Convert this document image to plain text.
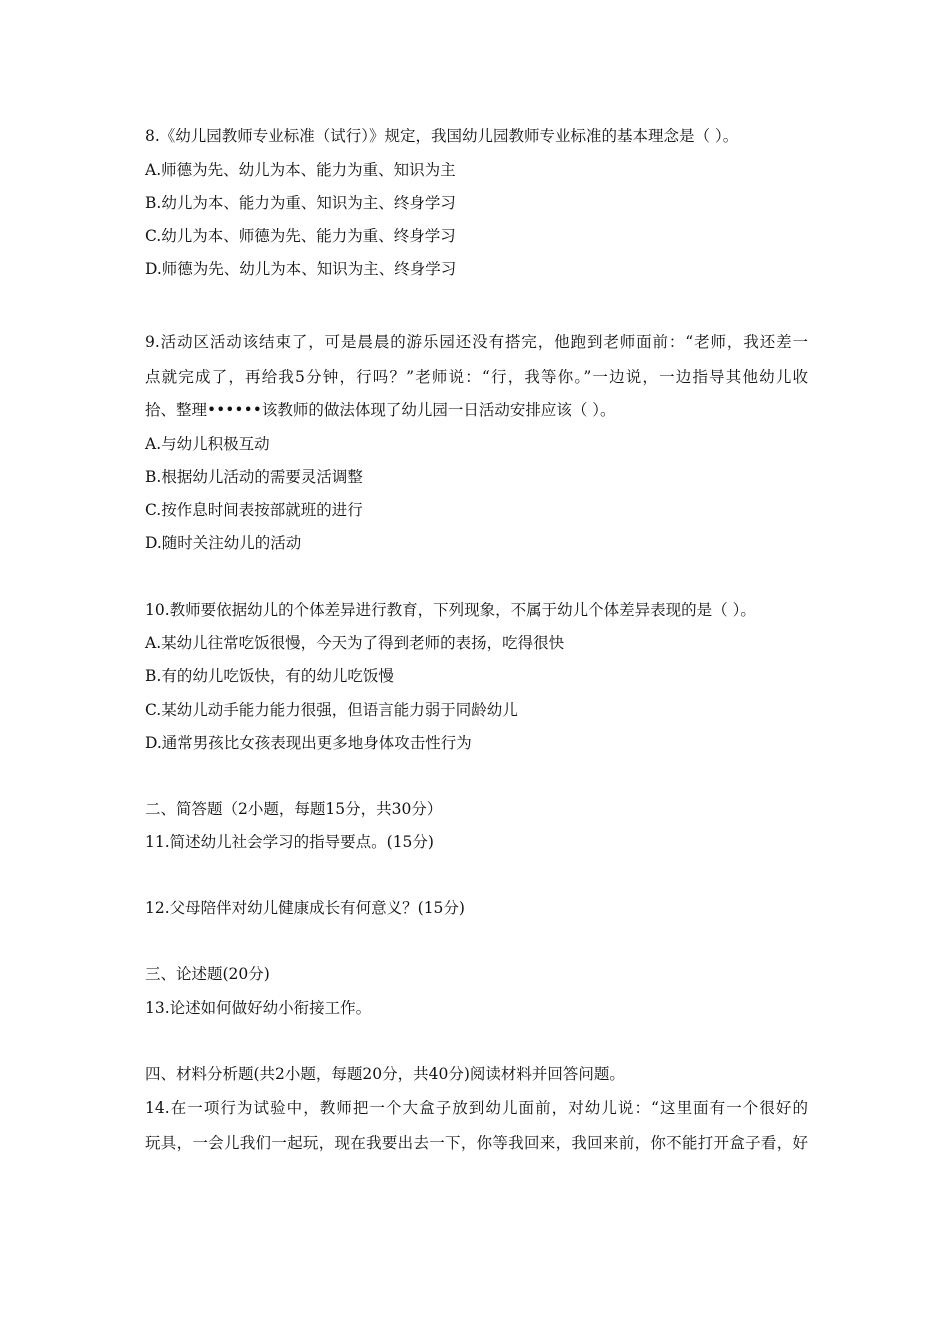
8.《幼儿园教师专业标准（试行）》规定，我国幼儿园教师专业标准的基本理念是（ ）。
A.师德为先、幼儿为本、能力为重、知识为主
B.幼儿为本、能力为重、知识为主、终身学习
C.幼儿为本、师德为先、能力为重、终身学习
D.师德为先、幼儿为本、知识为主、终身学习
9.活动区活动该结束了，可是晨晨的游乐园还没有搭完，他跑到老师面前：“老师，我还差一
点就完成了，再给我5分钟，行吗？”老师说：“行，我等你。”一边说，一边指导其他幼儿收
拾、整理••••••该教师的做法体现了幼儿园一日活动安排应该（ ）。
A.与幼儿积极互动
B.根据幼儿活动的需要灵活调整
C.按作息时间表按部就班的进行
D.随时关注幼儿的活动
10.教师要依据幼儿的个体差异进行教育，下列现象，不属于幼儿个体差异表现的是（ ）。
A.某幼儿往常吃饭很慢，今天为了得到老师的表扬，吃得很快
B.有的幼儿吃饭快，有的幼儿吃饭慢
C.某幼儿动手能力能力很强，但语言能力弱于同龄幼儿
D.通常男孩比女孩表现出更多地身体攻击性行为
二、简答题（2小题，每题15分，共30分）
11.简述幼儿社会学习的指导要点。(15分)
12.父母陪伴对幼儿健康成长有何意义？(15分)
三、论述题(20分)
13.论述如何做好幼小衔接工作。
四、材料分析题(共2小题，每题20分，共40分)阅读材料并回答问题。
14.在一项行为试验中，教师把一个大盒子放到幼儿面前，对幼儿说：“这里面有一个很好的
玩具，一会儿我们一起玩，现在我要出去一下，你等我回来，我回来前，你不能打开盒子看，好
